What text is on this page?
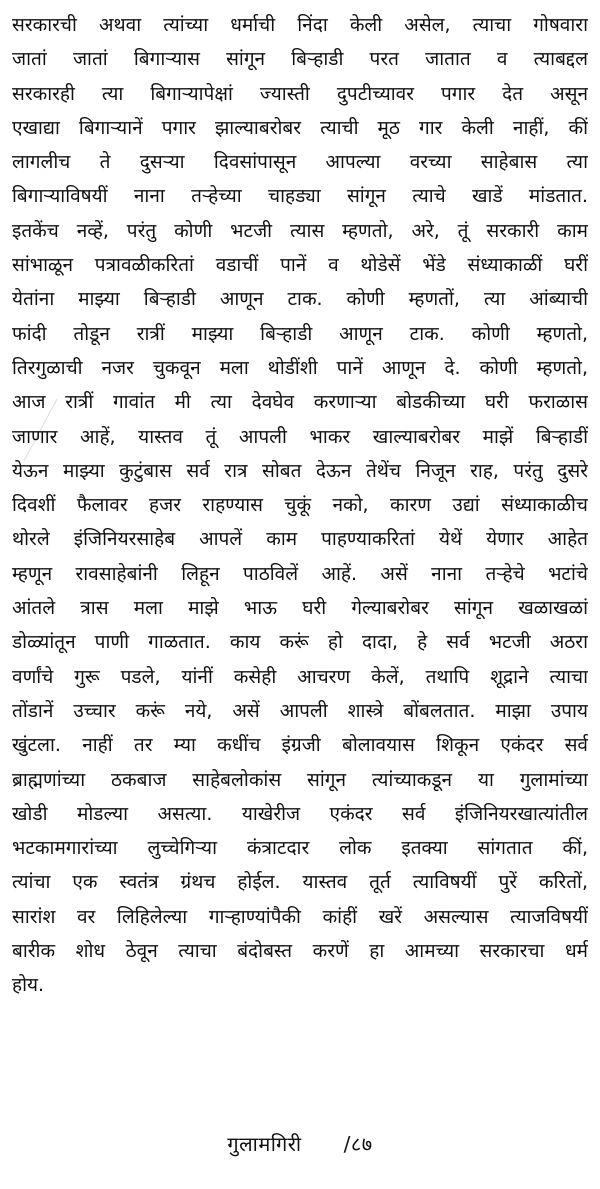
सरकारची अथवा त्यांच्या धर्माची निंदा केली असेल, त्याचा गोषवारा
जातां जातां बिगाऱ्यास सांगून बिऱ्हाडी परत जातात व त्याबद्दल
सरकारही त्या बिगाऱ्यापेक्षां ज्यास्ती दुपटीच्यावर पगार देत असून
एखाद्या बिगाऱ्यानें पगार झाल्याबरोबर त्याची मूठ गार केली नाहीं, कीं
लागलीच ते दुसऱ्या दिवसांपासून आपल्या वरच्या साहेबास त्या
बिगाऱ्याविषयीं नाना तऱ्हेच्या चाहड्या सांगून त्याचे खाडें मांडतात.
इतकेंच नव्हें, परंतु कोणी भटजी त्यास म्हणतो, अरे, तूं सरकारी काम
सांभाळून पत्रावळीकरितां वडाचीं पानें व थोडेसें भेंडे संध्याकाळीं घरीं
येतांना माझ्या बिऱ्हाडी आणून टाक. कोणी म्हणतों, त्या आंब्याची
फांदी तोडून रात्रीं माझ्या बिऱ्हाडी आणून टाक. कोणी म्हणतो,
तिरगुळाची नजर चुकवून मला थोडींशी पानें आणून दे. कोणी म्हणतो,
आज रात्रीं गावांत मी त्या देवघेव करणाऱ्या बोडकीच्या घरी फराळास
जाणार आहें, यास्तव तूं आपली भाकर खाल्याबरोबर माझें बिऱ्हाडीं
येऊन माझ्या कुटुंबास सर्व रात्र सोबत देऊन तेथेंच निजून राह, परंतु दुसरे
दिवशीं फैलावर हजर राहण्यास चुकूं नको, कारण उद्यां संध्याकाळीच
थोरले इंजिनियरसाहेब आपलें काम पाहण्याकरितां येथें येणार आहेत
म्हणून रावसाहेबांनी लिहून पाठविलें आहें. असें नाना तऱ्हेचे भटांचे
आंतले त्रास मला माझे भाऊ घरी गेल्याबरोबर सांगून खळाखळां
डोळ्यांतून पाणी गाळतात. काय करूं हो दादा, हे सर्व भटजी अठरा
वर्णांचे गुरू पडले, यांनीं कसेही आचरण केलें, तथापि शूद्राने त्याचा
तोंडानें उच्चार करूं नये, असें आपली शास्त्रे बोंबलतात. माझा उपाय
खुंटला. नाहीं तर म्या कधींच इंग्रजी बोलावयास शिकून एकंदर सर्व
ब्राह्मणांच्या ठकबाज साहेबलोकांस सांगून त्यांच्याकडून या गुलामांच्या
खोडी मोडल्या असत्या. याखेरीज एकंदर सर्व इंजिनियरखात्यांतील
भटकामगारांच्या लुच्चेगिऱ्या कंत्राटदार लोक इतक्या सांगतात कीं,
त्यांचा एक स्वतंत्र ग्रंथच होईल. यास्तव तूर्त त्याविषयीं पुरें करितों,
सारांश वर लिहिलेल्या गाऱ्हाण्यांपैकी कांहीं खरें असल्यास त्याजविषयीं
बारीक शोध ठेवून त्याचा बंदोबस्त करणें हा आमच्या सरकारचा धर्म
होय.
गुलामगिरी /८७
